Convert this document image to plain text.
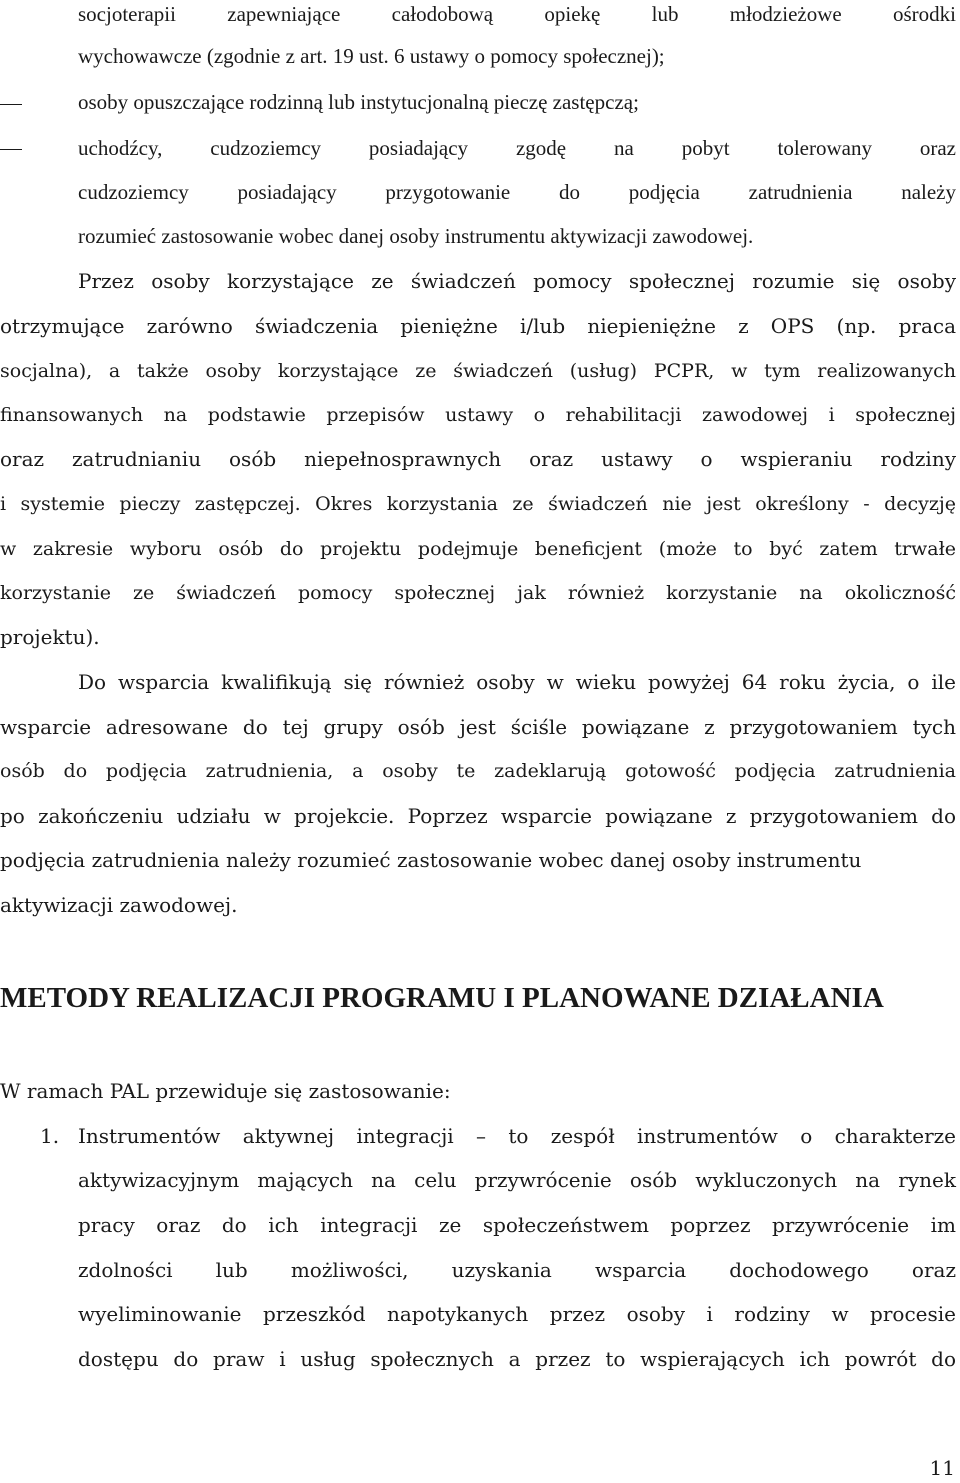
socjoterapii zapewniające całodobową opiekę lub młodzieżowe ośrodki
wychowawcze (zgodnie z art. 19 ust. 6 ustawy o pomocy społecznej);
osoby opuszczające rodzinną lub instytucjonalną pieczę zastępczą;
uchodźcy, cudzoziemcy posiadający zgodę na pobyt tolerowany oraz
cudzoziemcy posiadający przygotowanie do podjęcia zatrudnienia należy
rozumieć zastosowanie wobec danej osoby instrumentu aktywizacji zawodowej.
Przez osoby korzystające ze świadczeń pomocy społecznej rozumie się osoby
otrzymujące zarówno świadczenia pieniężne i/lub niepieniężne z OPS (np. praca
socjalna), a także osoby korzystające ze świadczeń (usług) PCPR, w tym realizowanych
finansowanych na podstawie przepisów ustawy o rehabilitacji zawodowej i społecznej
oraz zatrudnianiu osób niepełnosprawnych oraz ustawy o wspieraniu rodziny
i systemie pieczy zastępczej. Okres korzystania ze świadczeń nie jest określony - decyzję
w zakresie wyboru osób do projektu podejmuje beneficjent (może to być zatem trwałe
korzystanie ze świadczeń pomocy społecznej jak również korzystanie na okoliczność
projektu).
Do wsparcia kwalifikują się również osoby w wieku powyżej 64 roku życia, o ile
wsparcie adresowane do tej grupy osób jest ściśle powiązane z przygotowaniem tych
osób do podjęcia zatrudnienia, a osoby te zadeklarują gotowość podjęcia zatrudnienia
po zakończeniu udziału w projekcie. Poprzez wsparcie powiązane z przygotowaniem do
podjęcia zatrudnienia należy rozumieć zastosowanie wobec danej osoby instrumentu
aktywizacji zawodowej.
METODY REALIZACJI PROGRAMU I PLANOWANE DZIAŁANIA
W ramach PAL przewiduje się zastosowanie:
1. Instrumentów aktywnej integracji – to zespół instrumentów o charakterze
aktywizacyjnym mających na celu przywrócenie osób wykluczonych na rynek
pracy oraz do ich integracji ze społeczeństwem poprzez przywrócenie im
zdolności lub możliwości, uzyskania wsparcia dochodowego oraz
wyeliminowanie przeszkód napotykanych przez osoby i rodziny w procesie
dostępu do praw i usług społecznych a przez to wspierających ich powrót do
11
